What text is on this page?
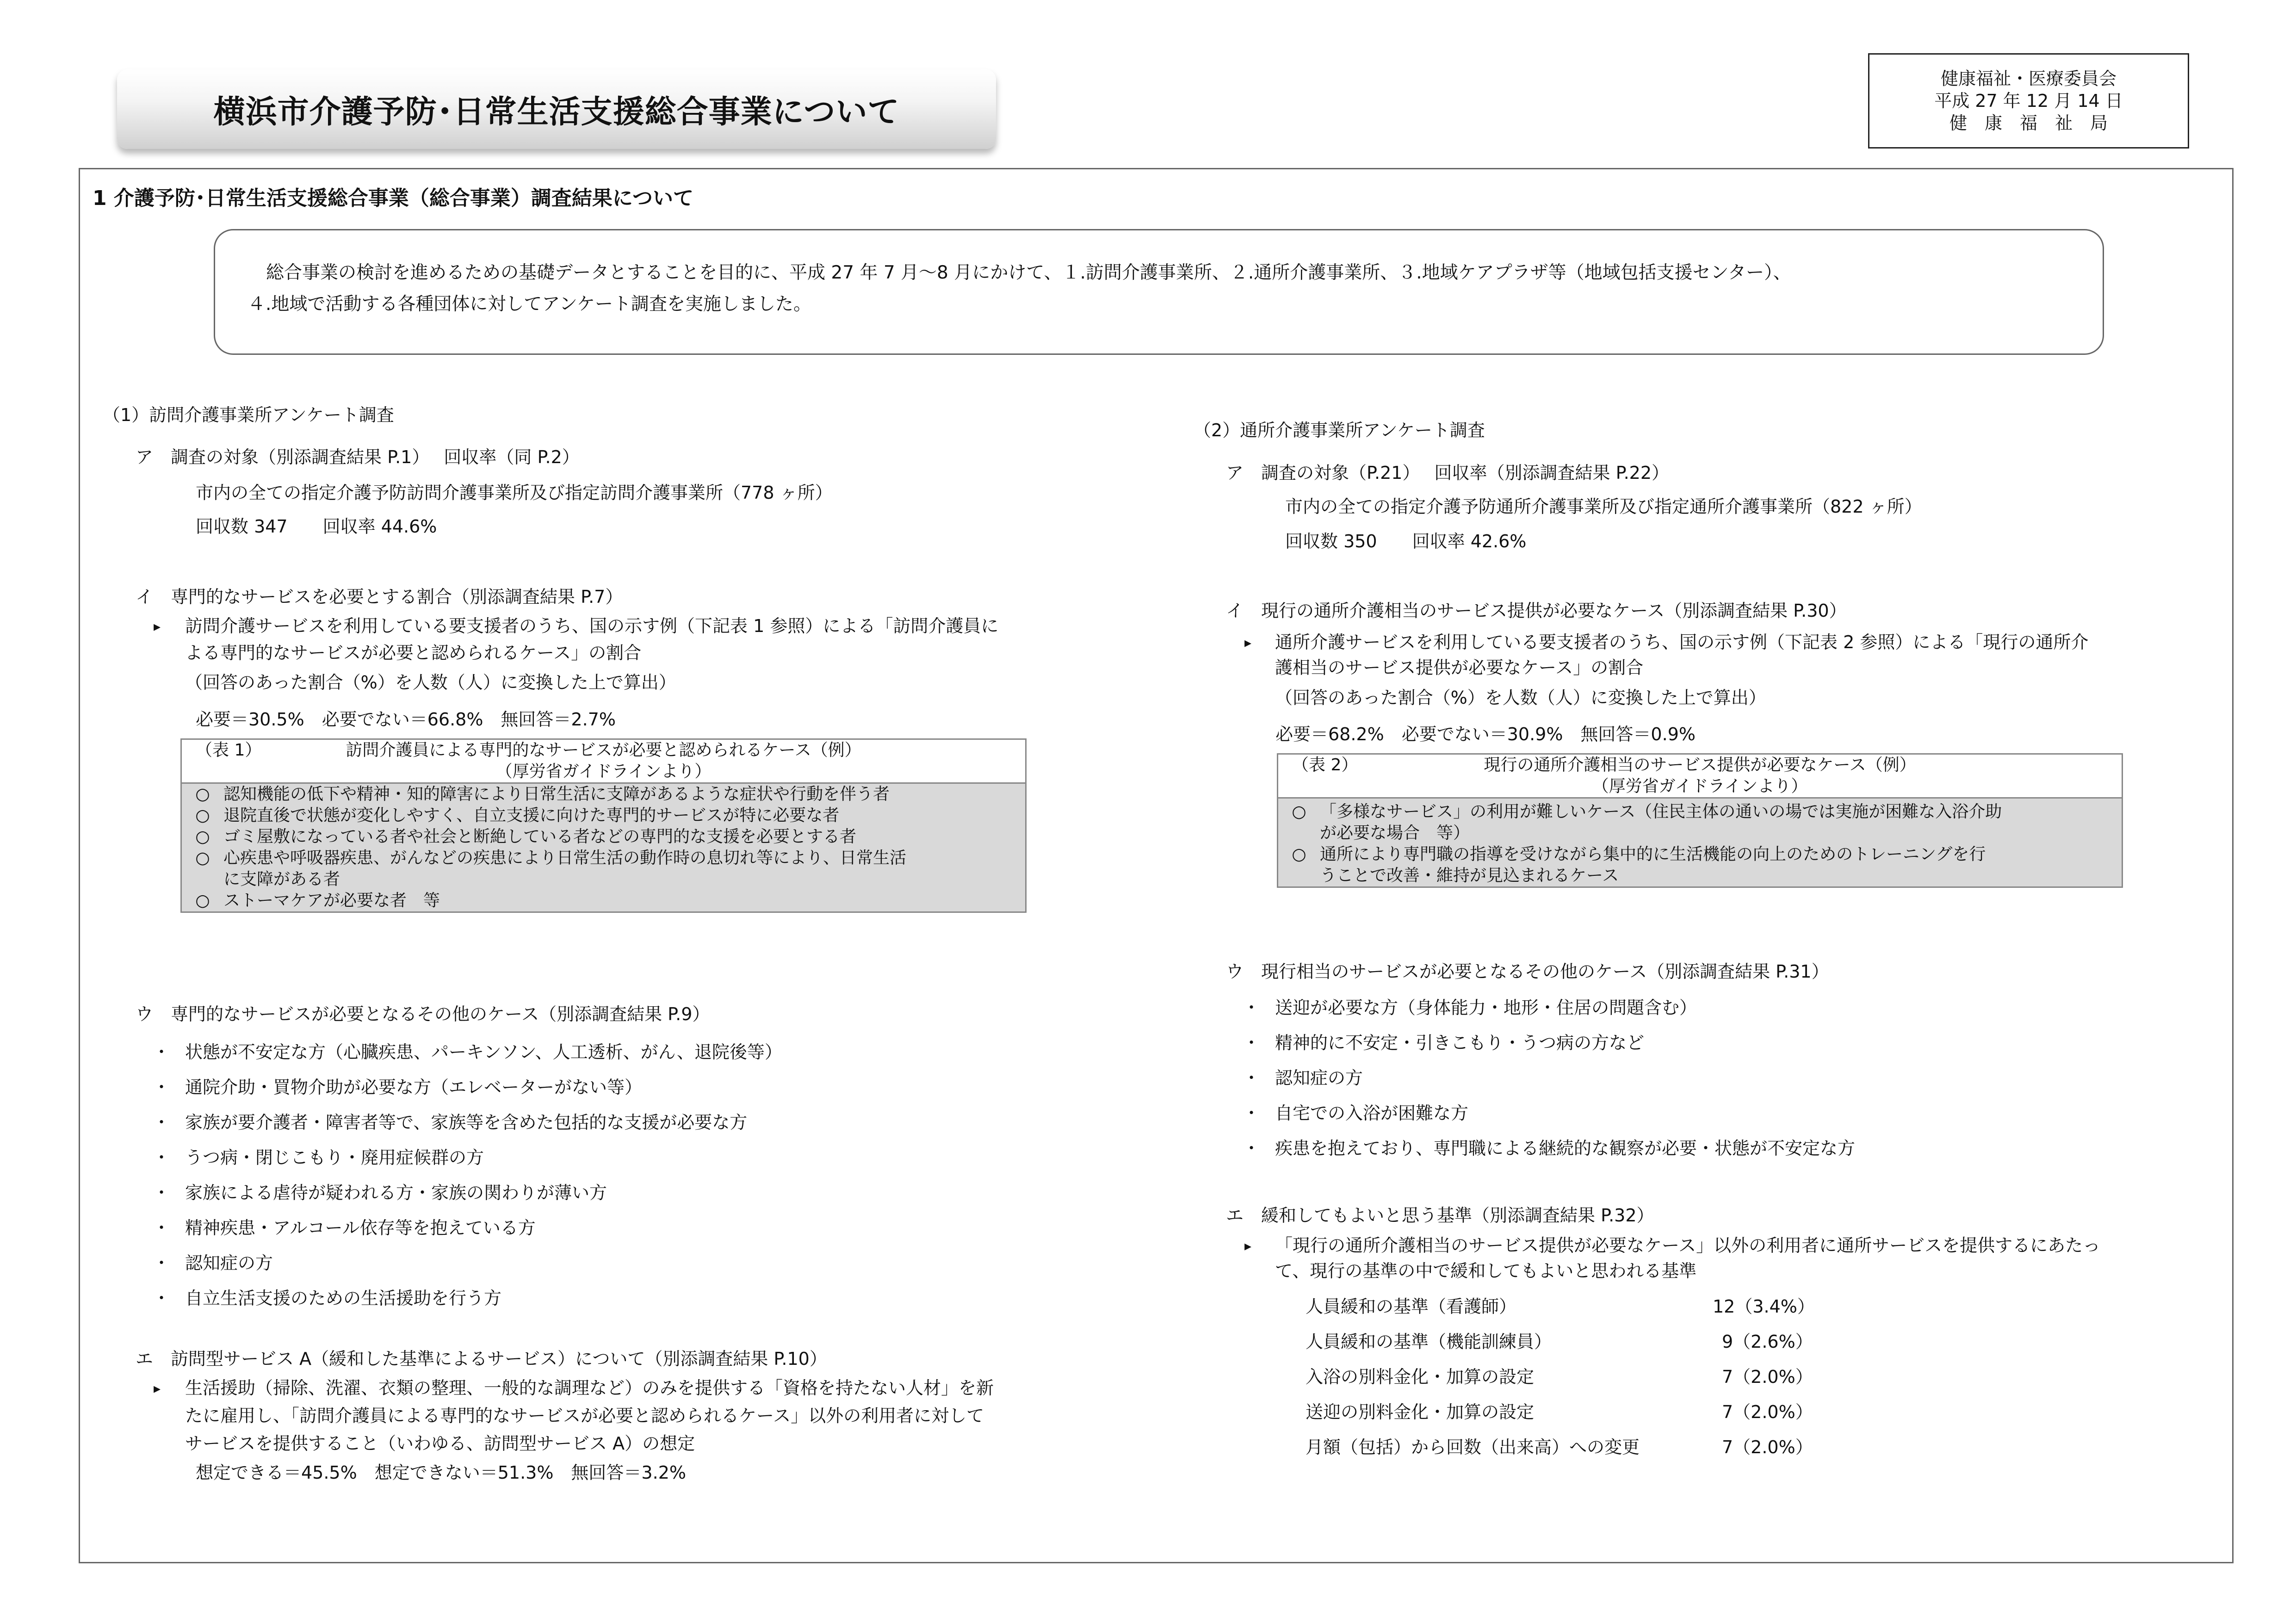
横浜市介護予防･日常生活支援総合事業について
健康福祉・医療委員会
平成 27 年 12 月 14 日
健　康　福　祉　局
1 介護予防･日常生活支援総合事業（総合事業）調査結果について
総合事業の検討を進めるための基礎データとすることを目的に、平成 27 年 7 月～8 月にかけて、１.訪問介護事業所、２.通所介護事業所、３.地域ケアプラザ等（地域包括支援センター）、
４.地域で活動する各種団体に対してアンケート調査を実施しました。
（1）訪問介護事業所アンケート調査
ア　調査の対象（別添調査結果 P.1）　 回収率（同 P.2）
市内の全ての指定介護予防訪問介護事業所及び指定訪問介護事業所（778 ヶ所）
回収数 347　　回収率 44.6%
イ　専門的なサービスを必要とする割合（別添調査結果 P.7）
▸ 訪問介護サービスを利用している要支援者のうち、国の示す例（下記表 1 参照）による「訪問介護員に
よる専門的なサービスが必要と認められるケース」の割合
（回答のあった割合（%）を人数（人）に変換した上で算出）
必要＝30.5%　必要でない＝66.8%　無回答＝2.7%
（表 1）	訪問介護員による専門的なサービスが必要と認められるケース（例）
（厚労省ガイドラインより）
○ 認知機能の低下や精神・知的障害により日常生活に支障があるような症状や行動を伴う者
○ 退院直後で状態が変化しやすく、自立支援に向けた専門的サービスが特に必要な者
○ ゴミ屋敷になっている者や社会と断絶している者などの専門的な支援を必要とする者
○ 心疾患や呼吸器疾患、がんなどの疾患により日常生活の動作時の息切れ等により、日常生活
に支障がある者
○ ストーマケアが必要な者　等
ウ　専門的なサービスが必要となるその他のケース（別添調査結果 P.9）
・ 状態が不安定な方（心臓疾患、パーキンソン、人工透析、がん、退院後等）
・ 通院介助・買物介助が必要な方（エレベーターがない等）
・ 家族が要介護者・障害者等で、家族等を含めた包括的な支援が必要な方
・ うつ病・閉じこもり・廃用症候群の方
・ 家族による虐待が疑われる方・家族の関わりが薄い方
・ 精神疾患・アルコール依存等を抱えている方
・ 認知症の方
・ 自立生活支援のための生活援助を行う方
エ　訪問型サービス A（緩和した基準によるサービス）について（別添調査結果 P.10）
▸ 生活援助（掃除、洗濯、衣類の整理、一般的な調理など）のみを提供する「資格を持たない人材」を新
たに雇用し、「訪問介護員による専門的なサービスが必要と認められるケース」以外の利用者に対して
サービスを提供すること（いわゆる、訪問型サービス A）の想定
想定できる＝45.5%　想定できない＝51.3%　無回答＝3.2%
（2）通所介護事業所アンケート調査
ア　調査の対象（P.21）　 回収率（別添調査結果 P.22）
市内の全ての指定介護予防通所介護事業所及び指定通所介護事業所（822 ヶ所）
回収数 350　　回収率 42.6%
イ　現行の通所介護相当のサービス提供が必要なケース（別添調査結果 P.30）
▸ 通所介護サービスを利用している要支援者のうち、国の示す例（下記表 2 参照）による「現行の通所介
護相当のサービス提供が必要なケース」の割合
（回答のあった割合（%）を人数（人）に変換した上で算出）
必要＝68.2%　必要でない＝30.9%　無回答＝0.9%
（表 2）	現行の通所介護相当のサービス提供が必要なケース（例）
（厚労省ガイドラインより）
○ 「多様なサービス」の利用が難しいケース（住民主体の通いの場では実施が困難な入浴介助
が必要な場合　等）
○ 通所により専門職の指導を受けながら集中的に生活機能の向上のためのトレーニングを行
うことで改善・維持が見込まれるケース
ウ　現行相当のサービスが必要となるその他のケース（別添調査結果 P.31）
・ 送迎が必要な方（身体能力・地形・住居の問題含む）
・ 精神的に不安定・引きこもり・うつ病の方など
・ 認知症の方
・ 自宅での入浴が困難な方
・ 疾患を抱えており、専門職による継続的な観察が必要・状態が不安定な方
エ　緩和してもよいと思う基準（別添調査結果 P.32）
▸ 「現行の通所介護相当のサービス提供が必要なケース」以外の利用者に通所サービスを提供するにあたっ
て、現行の基準の中で緩和してもよいと思われる基準
人員緩和の基準（看護師）	12（3.4%）
人員緩和の基準（機能訓練員）	9（2.6%）
入浴の別料金化・加算の設定	7（2.0%）
送迎の別料金化・加算の設定	7（2.0%）
月額（包括）から回数（出来高）への変更	7（2.0%）
